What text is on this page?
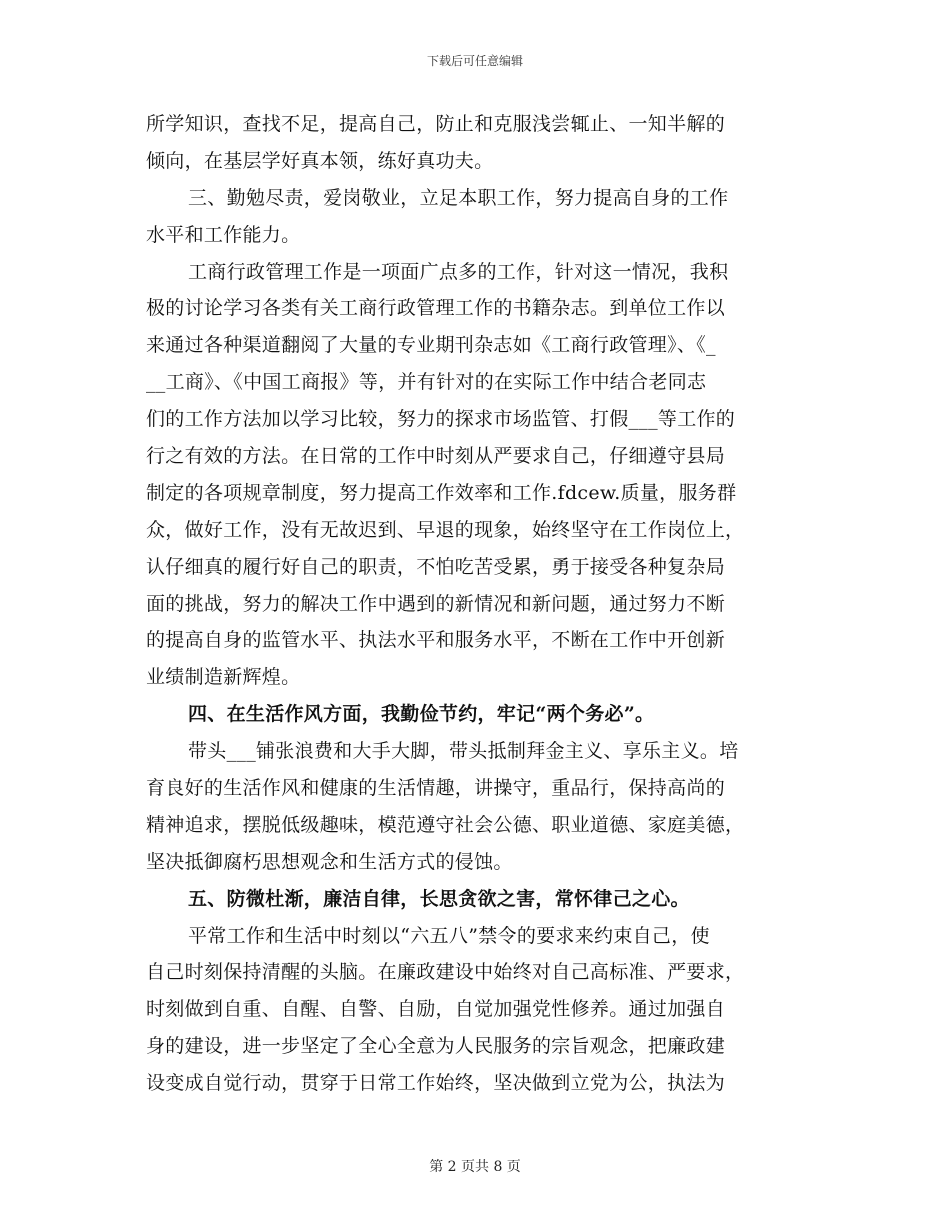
下载后可任意编辑
所学知识，查找不足，提高自己，防止和克服浅尝辄止、一知半解的
倾向，在基层学好真本领，练好真功夫。
三、勤勉尽责，爱岗敬业，立足本职工作，努力提高自身的工作
水平和工作能力。
工商行政管理工作是一项面广点多的工作，针对这一情况，我积
极的讨论学习各类有关工商行政管理工作的书籍杂志。到单位工作以
来通过各种渠道翻阅了大量的专业期刊杂志如《工商行政管理》、《_
__工商》、《中国工商报》等，并有针对的在实际工作中结合老同志
们的工作方法加以学习比较，努力的探求市场监管、打假___等工作的
行之有效的方法。在日常的工作中时刻从严要求自己，仔细遵守县局
制定的各项规章制度，努力提高工作效率和工作.fdcew.质量，服务群
众，做好工作，没有无故迟到、早退的现象，始终坚守在工作岗位上，
认仔细真的履行好自己的职责，不怕吃苦受累，勇于接受各种复杂局
面的挑战，努力的解决工作中遇到的新情况和新问题，通过努力不断
的提高自身的监管水平、执法水平和服务水平，不断在工作中开创新
业绩制造新辉煌。
四、在生活作风方面，我勤俭节约，牢记“两个务必”。
带头___铺张浪费和大手大脚，带头抵制拜金主义、享乐主义。培
育良好的生活作风和健康的生活情趣，讲操守，重品行，保持高尚的
精神追求，摆脱低级趣味，模范遵守社会公德、职业道德、家庭美德，
坚决抵御腐朽思想观念和生活方式的侵蚀。
五、防微杜渐，廉洁自律，长思贪欲之害，常怀律己之心。
平常工作和生活中时刻以“六五八”禁令的要求来约束自己，使
自己时刻保持清醒的头脑。在廉政建设中始终对自己高标准、严要求，
时刻做到自重、自醒、自警、自励，自觉加强党性修养。通过加强自
身的建设，进一步坚定了全心全意为人民服务的宗旨观念，把廉政建
设变成自觉行动，贯穿于日常工作始终，坚决做到立党为公，执法为
第 2 页共 8 页
